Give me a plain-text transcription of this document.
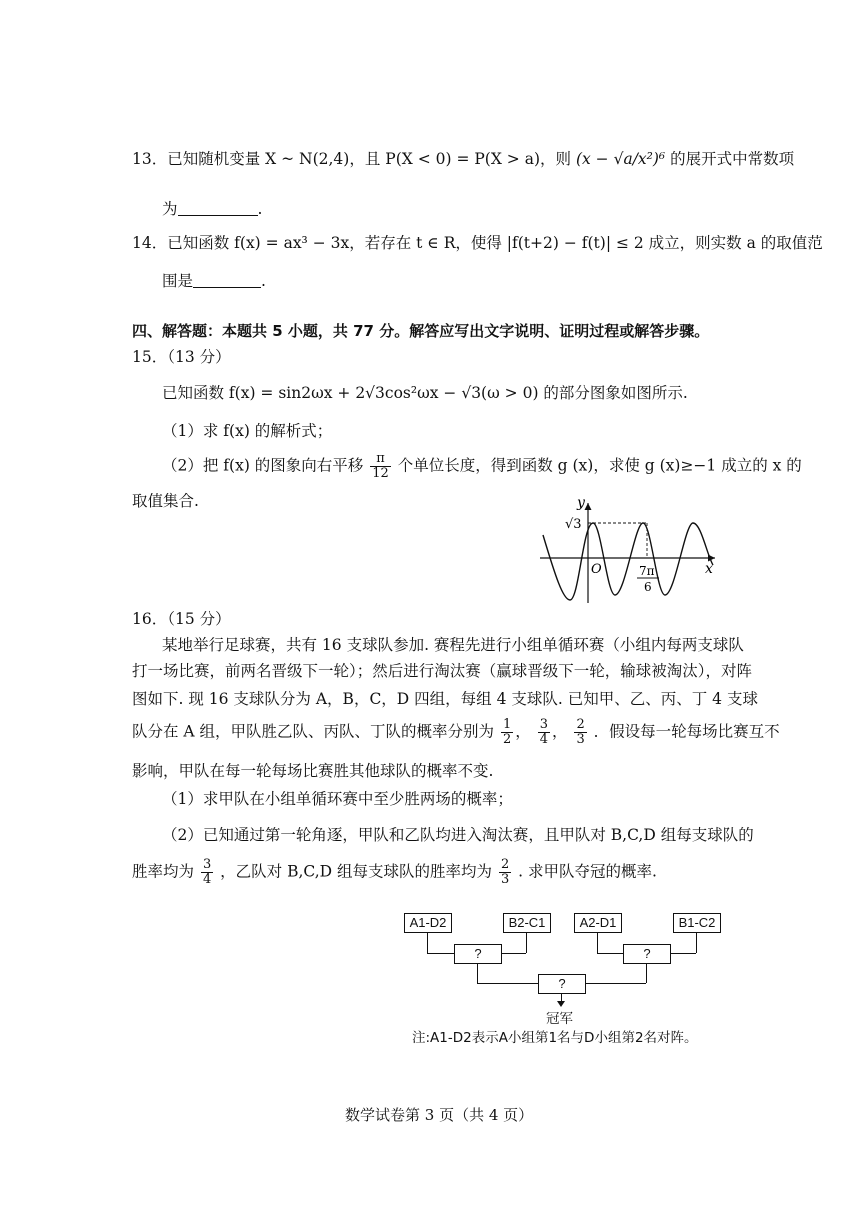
13．已知随机变量 X ~ N(2,4)，且 P(X < 0) = P(X > a)，则 (x − √a/x²)⁶ 的展开式中常数项
为	.
14．已知函数 f(x) = ax³ − 3x，若存在 t ∈ R，使得 |f(t+2) − f(t)| ≤ 2 成立，则实数 a 的取值范
围是	.
四、解答题：本题共 5 小题，共 77 分。解答应写出文字说明、证明过程或解答步骤。
15．（13 分）
已知函数 f(x) = sin2ωx + 2√3cos²ωx − √3(ω > 0) 的部分图象如图所示.
（1）求 f(x) 的解析式；
（2）把 f(x) 的图象向右平移 $\frac{\pi}{12}$ 个单位长度，得到函数 g (x)，求使 g (x)≥−1 成立的 x 的
取值集合.	y
x
O
√3
7π
6
16．（15 分）
某地举行足球赛，共有 16 支球队参加. 赛程先进行小组单循环赛（小组内每两支球队
打一场比赛，前两名晋级下一轮）；然后进行淘汰赛（赢球晋级下一轮，输球被淘汰），对阵
图如下. 现 16 支球队分为 A，B，C，D 四组，每组 4 支球队. 已知甲、乙、丙、丁 4 支球
队分在 A 组，甲队胜乙队、丙队、丁队的概率分别为 $\frac{1}{2}$ ， $\frac{3}{4}$ ， $\frac{2}{3}$ ．假设每一轮每场比赛互不
影响，甲队在每一轮每场比赛胜其他球队的概率不变.
（1）求甲队在小组单循环赛中至少胜两场的概率；
（2）已知通过第一轮角逐，甲队和乙队均进入淘汰赛，且甲队对 B,C,D 组每支球队的
胜率均为 $\frac{3}{4}$ ，乙队对 B,C,D 组每支球队的胜率均为 $\frac{2}{3}$ . 求甲队夺冠的概率.
A1-D2	B2-C1	A2-D1	B1-C2
?	?
?
冠军
注:A1-D2表示A小组第1名与D小组第2名对阵。
数学试卷第 3 页（共 4 页）
